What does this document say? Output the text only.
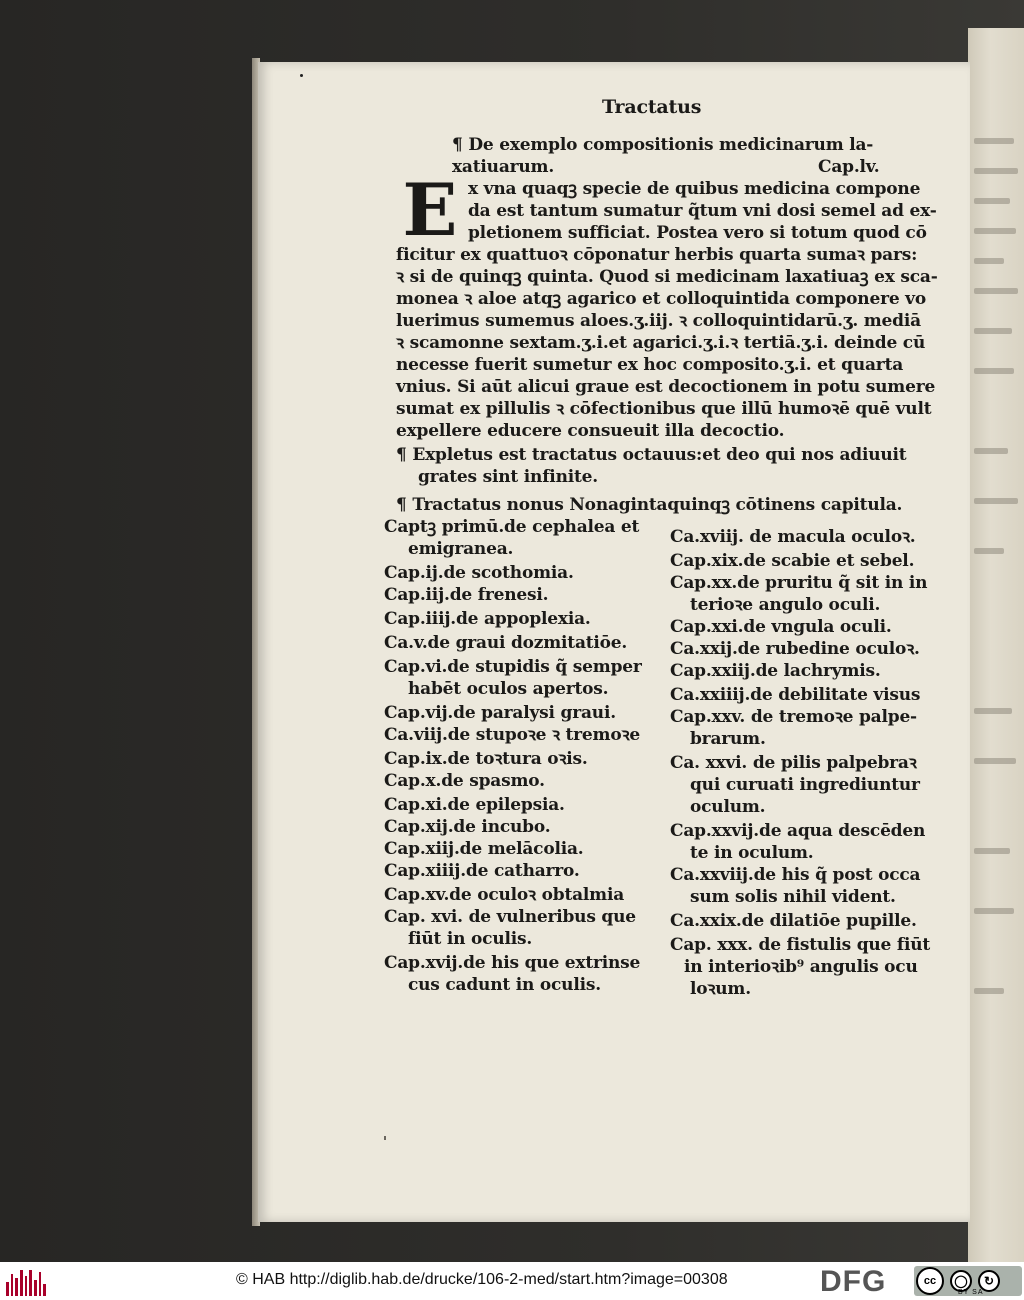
Tractatus
¶ De exemplo compositionis medicinarum la-
xatiuarum.	Cap.lv.
E x vna quaqꝫ specie de quibus medicina compone
da est tantum sumatur q̃tum vni dosi semel ad ex-
pletionem sufficiat. Postea vero si totum quod cō
ficitur ex quattuoꝛ cōponatur herbis quarta sumaꝛ pars:
ꝛ si de quinqꝫ quinta. Quod si medicinam laxatiuaꝫ ex sca-
monea ꝛ aloe atqꝫ agarico et colloquintida componere vo
luerimus sumemus aloes.ʒ.iij. ꝛ colloquintidarū.ʒ. mediā
ꝛ scamonne sextam.ʒ.i.et agarici.ʒ.i.ꝛ tertiā.ʒ.i. deinde cū
necesse fuerit sumetur ex hoc composito.ʒ.i. et quarta
vnius. Si aūt alicui graue est decoctionem in potu sumere
sumat ex pillulis ꝛ cōfectionibus que illū humoꝛē quē vult
expellere educere consueuit illa decoctio.
¶ Expletus est tractatus octauus:et deo qui nos adiuuit
grates sint infinite.
¶ Tractatus nonus Nonagintaquinqꝫ cōtinens capitula.
Captꝫ primū.de cephalea et
emigranea.
Cap.ij.de scothomia.
Cap.iij.de frenesi.
Cap.iiij.de appoplexia.
Ca.v.de graui dozmitatiōe.
Cap.vi.de stupidis q̃ semper
habēt oculos apertos.
Cap.vij.de paralysi graui.
Ca.viij.de stupoꝛe ꝛ tremoꝛe
Cap.ix.de toꝛtura oꝛis.
Cap.x.de spasmo.
Cap.xi.de epilepsia.
Cap.xij.de incubo.
Cap.xiij.de melācolia.
Cap.xiiij.de catharro.
Cap.xv.de oculoꝛ obtalmia
Cap. xvi. de vulneribus que
fiūt in oculis.
Cap.xvij.de his que extrinse
cus cadunt in oculis.
Ca.xviij. de macula oculoꝛ.
Cap.xix.de scabie et sebel.
Cap.xx.de pruritu q̃ sit in in
terioꝛe angulo oculi.
Cap.xxi.de vngula oculi.
Ca.xxij.de rubedine oculoꝛ.
Cap.xxiij.de lachrymis.
Ca.xxiiij.de debilitate visus
Cap.xxv. de tremoꝛe palpe-
brarum.
Ca. xxvi. de pilis palpebraꝛ
qui curuati ingrediuntur
oculum.
Cap.xxvij.de aqua descēden
te in oculum.
Ca.xxviij.de his q̃ post occa
sum solis nihil vident.
Ca.xxix.de dilatiōe pupille.
Cap. xxx. de fistulis que fiūt
in interioꝛib⁹ angulis ocu
loꝛum.
© HAB http://diglib.hab.de/drucke/106-2-med/start.htm?image=00308	DFG	cc	◯	↻
BY SA
